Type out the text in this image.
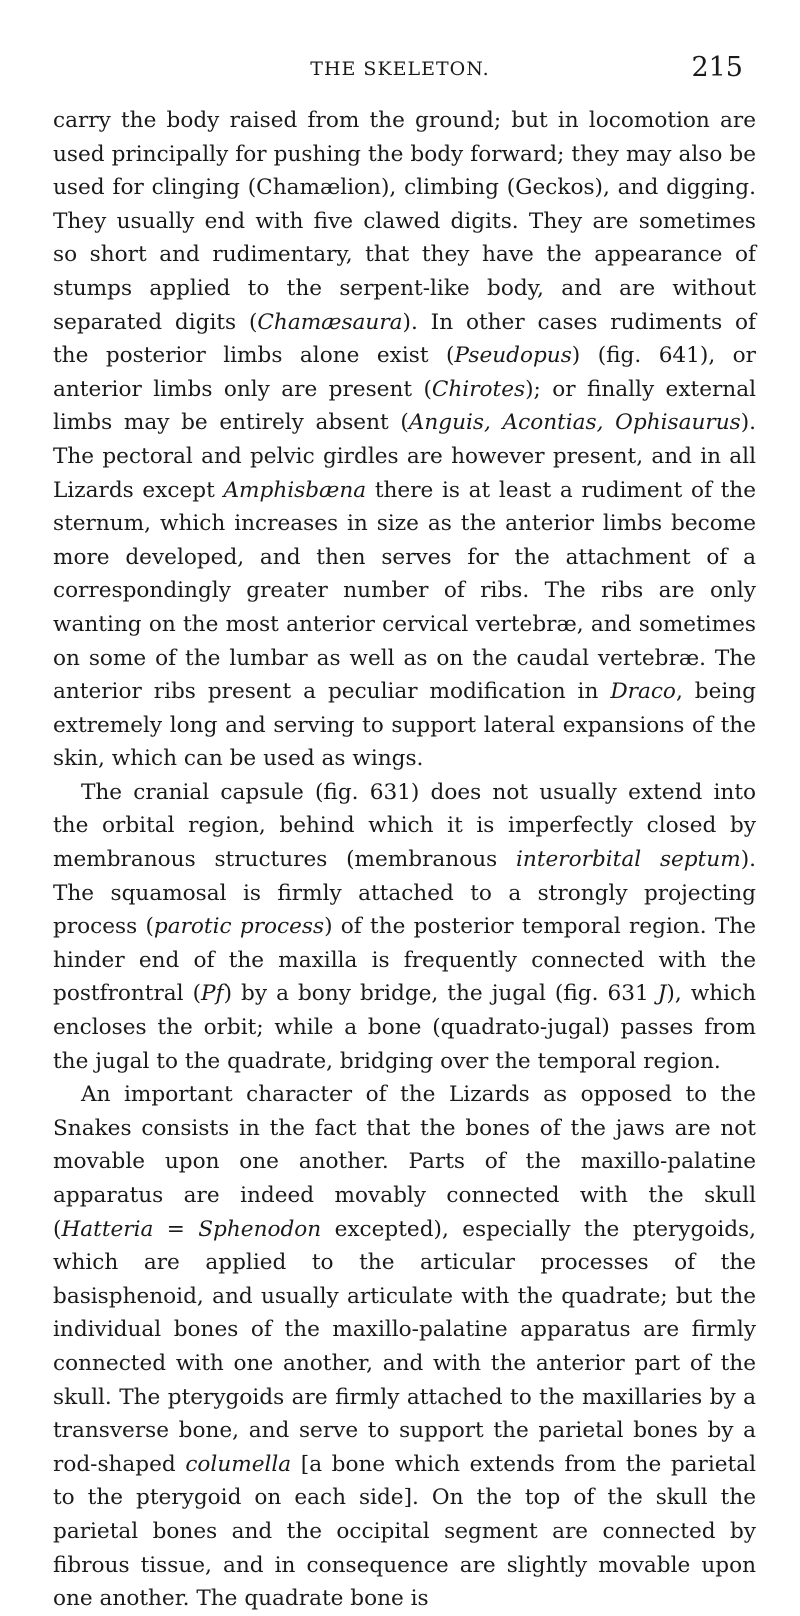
THE SKELETON.	215

carry the body raised from the ground; but in locomotion are used principally for pushing the body forward; they may also be used for clinging (Chamælion), climbing (Geckos), and digging. They usually end with five clawed digits. They are sometimes so short and rudimentary, that they have the appearance of stumps applied to the serpent-like body, and are without separated digits (Chamæsaura). In other cases rudiments of the posterior limbs alone exist (Pseudopus) (fig. 641), or anterior limbs only are present (Chirotes); or finally external limbs may be entirely absent (Anguis, Acontias, Ophisaurus). The pectoral and pelvic girdles are however present, and in all Lizards except Amphisbæna there is at least a rudiment of the sternum, which increases in size as the anterior limbs become more developed, and then serves for the attachment of a correspondingly greater number of ribs. The ribs are only wanting on the most anterior cervical vertebræ, and sometimes on some of the lumbar as well as on the caudal vertebræ. The anterior ribs present a peculiar modification in Draco, being extremely long and serving to support lateral expansions of the skin, which can be used as wings.

The cranial capsule (fig. 631) does not usually extend into the orbital region, behind which it is imperfectly closed by membranous structures (membranous interorbital septum). The squamosal is firmly attached to a strongly projecting process (parotic process) of the posterior temporal region. The hinder end of the maxilla is frequently connected with the postfrontral (Pf) by a bony bridge, the jugal (fig. 631 J), which encloses the orbit; while a bone (quadrato-jugal) passes from the jugal to the quadrate, bridging over the temporal region.

An important character of the Lizards as opposed to the Snakes consists in the fact that the bones of the jaws are not movable upon one another. Parts of the maxillo-palatine apparatus are indeed movably connected with the skull (Hatteria = Sphenodon excepted), especially the pterygoids, which are applied to the articular processes of the basisphenoid, and usually articulate with the quadrate; but the individual bones of the maxillo-palatine apparatus are firmly connected with one another, and with the anterior part of the skull. The pterygoids are firmly attached to the maxillaries by a transverse bone, and serve to support the parietal bones by a rod-shaped columella [a bone which extends from the parietal to the pterygoid on each side]. On the top of the skull the parietal bones and the occipital segment are connected by fibrous tissue, and in consequence are slightly movable upon one another. The quadrate bone is
